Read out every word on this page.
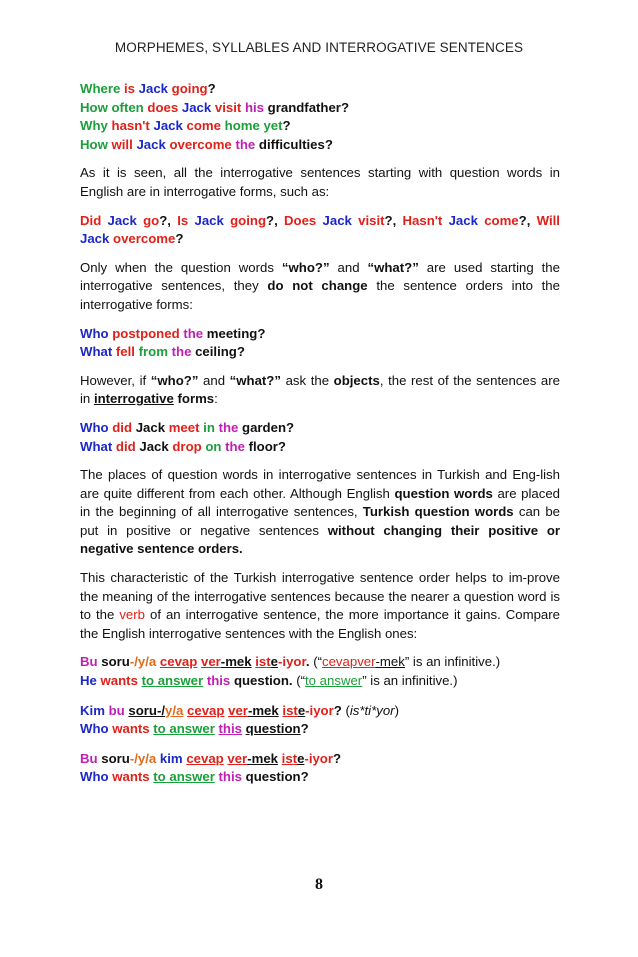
MORPHEMES, SYLLABLES AND INTERROGATIVE SENTENCES
Where is Jack going?
How often does Jack visit his grandfather?
Why hasn't Jack come home yet?
How will Jack overcome the difficulties?

As it is seen, all the interrogative sentences starting with question words in English are in interrogative forms, such as:

Did Jack go?, Is Jack going?, Does Jack visit?, Hasn't Jack come?, Will Jack overcome?

Only when the question words “who?” and “what?” are used starting the interrogative sentences, they do not change the sentence orders into the interrogative forms:

Who postponed the meeting?
What fell from the ceiling?

However, if “who?” and “what?” ask the objects, the rest of the sentences are in interrogative forms:

Who did Jack meet in the garden?
What did Jack drop on the floor?

The places of question words in interrogative sentences in Turkish and Eng-lish are quite different from each other. Although English question words are placed in the beginning of all interrogative sentences, Turkish question words can be put in positive or negative sentences without changing their positive or negative sentence orders.

This characteristic of the Turkish interrogative sentence order helps to im-prove the meaning of the interrogative sentences because the nearer a question word is to the verb of an interrogative sentence, the more importance it gains. Compare the English interrogative sentences with the English ones:

Bu soru-/y/a cevap ver-mek iste-iyor. (“cevapver-mek” is an infinitive.)
He wants to answer this question. (“to answer” is an infinitive.)
Kim bu soru-/y/a cevap ver-mek iste-iyor? (is*ti*yor)
Who wants to answer this question?
Bu soru-/y/a kim cevap ver-mek iste-iyor?
Who wants to answer this question?
8
